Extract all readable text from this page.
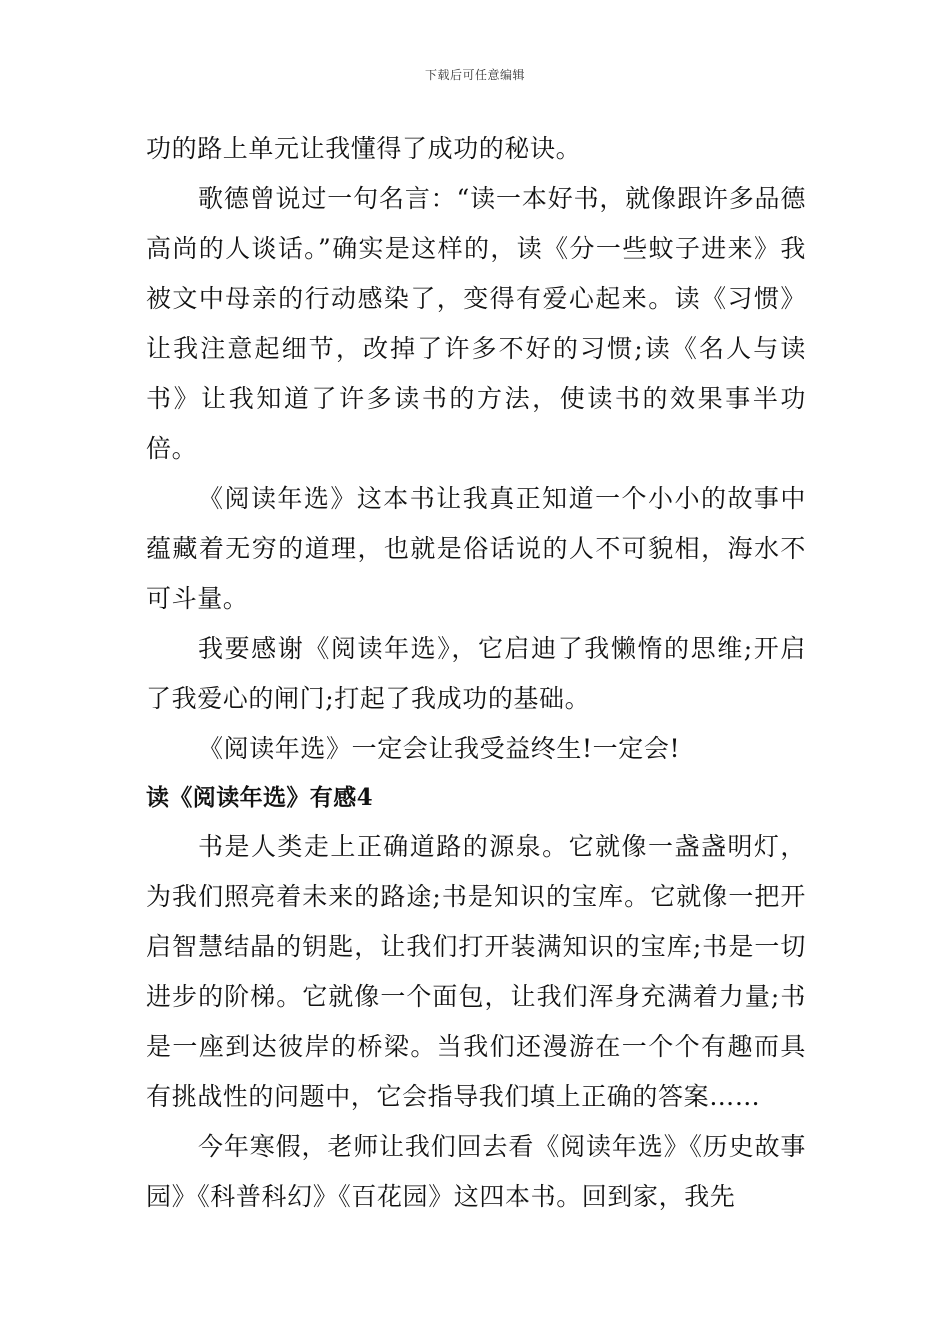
下载后可任意编辑

功的路上单元让我懂得了成功的秘诀。

歌德曾说过一句名言：“读一本好书，就像跟许多品德高尚的人谈话。”确实是这样的，读《分一些蚊子进来》我被文中母亲的行动感染了，变得有爱心起来。读《习惯》让我注意起细节，改掉了许多不好的习惯;读《名人与读书》让我知道了许多读书的方法，使读书的效果事半功倍。

《阅读年选》这本书让我真正知道一个小小的故事中蕴藏着无穷的道理，也就是俗话说的人不可貌相，海水不可斗量。

我要感谢《阅读年选》，它启迪了我懒惰的思维;开启了我爱心的闸门;打起了我成功的基础。

《阅读年选》一定会让我受益终生!一定会!

读《阅读年选》有感4

书是人类走上正确道路的源泉。它就像一盏盏明灯，为我们照亮着未来的路途;书是知识的宝库。它就像一把开启智慧结晶的钥匙，让我们打开装满知识的宝库;书是一切进步的阶梯。它就像一个面包，让我们浑身充满着力量;书是一座到达彼岸的桥梁。当我们还漫游在一个个有趣而具有挑战性的问题中，它会指导我们填上正确的答案……

今年寒假，老师让我们回去看《阅读年选》《历史故事园》《科普科幻》《百花园》这四本书。回到家，我先
